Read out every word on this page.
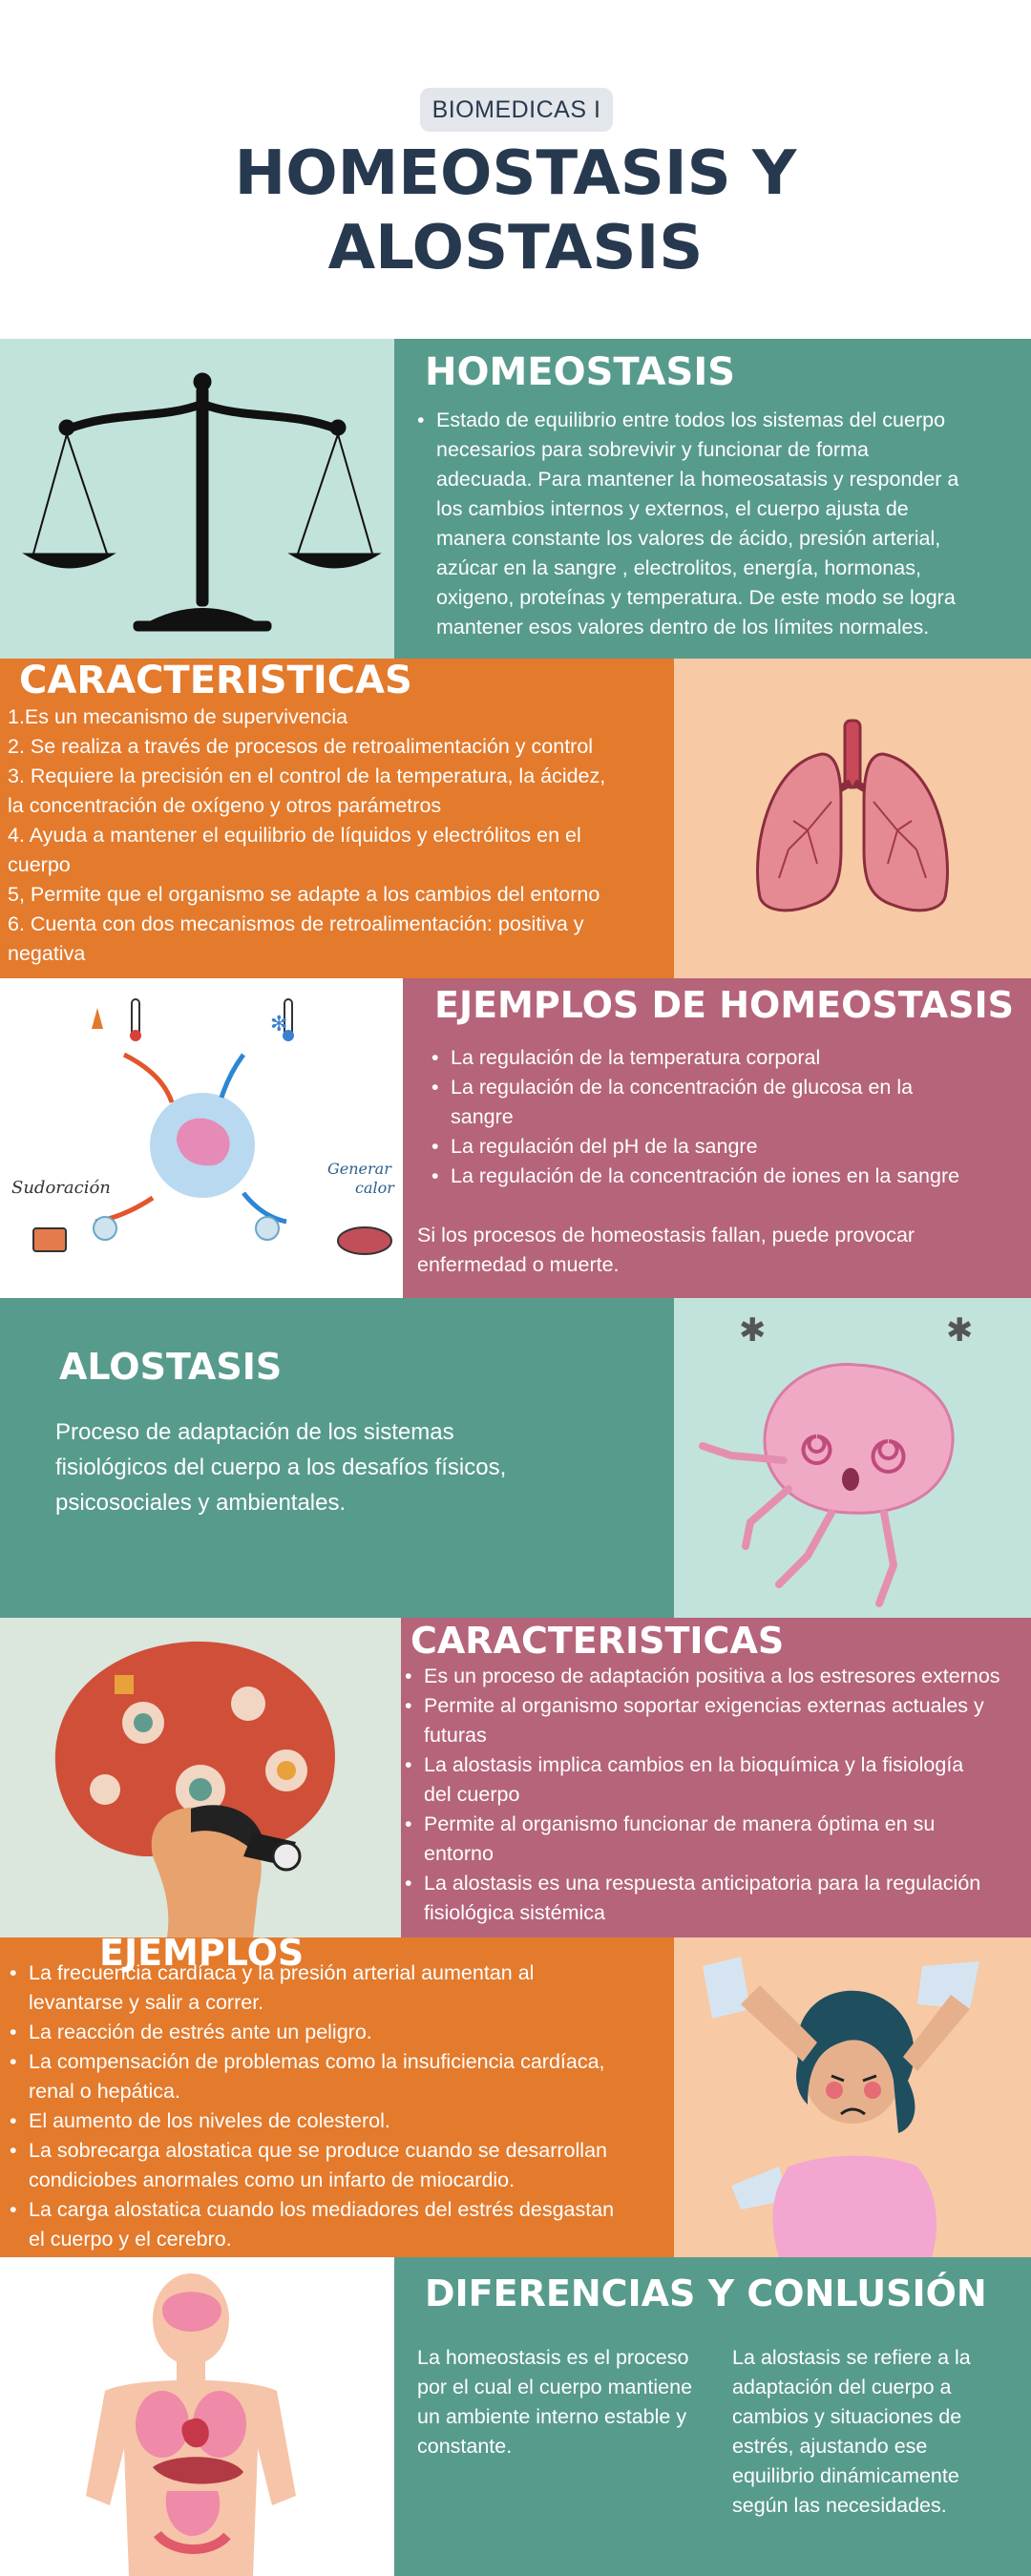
BIOMEDICAS I
HOMEOSTASIS Y
ALOSTASIS
HOMEOSTASIS
• Estado de equilibrio entre todos los sistemas del cuerpo
necesarios para sobrevivir y funcionar de forma
adecuada. Para mantener la homeosatasis y responder a
los cambios internos y externos, el cuerpo ajusta de
manera constante los valores de ácido, presión arterial,
azúcar en la sangre , electrolitos, energía, hormonas,
oxigeno, proteínas y temperatura. De este modo se logra
mantener esos valores dentro de los límites normales.
CARACTERISTICAS
1.Es un mecanismo de supervivencia
2. Se realiza a través de procesos de retroalimentación y control
3. Requiere la precisión en el control de la temperatura, la ácidez,
la concentración de oxígeno y otros parámetros
4. Ayuda a mantener el equilibrio de líquidos y electrólitos en el
cuerpo
5, Permite que el organismo se adapte a los cambios del entorno
6. Cuenta con dos mecanismos de retroalimentación: positiva y
negativa
✻
Sudoración
Generar
calor
EJEMPLOS DE HOMEOSTASIS
• La regulación de la temperatura corporal
• La regulación de la concentración de glucosa en la
sangre
• La regulación del pH de la sangre
• La regulación de la concentración de iones en la sangre
Si los procesos de homeostasis fallan, puede provocar
enfermedad o muerte.
ALOSTASIS
Proceso de adaptación de los sistemas
fisiológicos del cuerpo a los desafíos físicos,
psicosociales y ambientales.
✱	✱
CARACTERISTICAS
• Es un proceso de adaptación positiva a los estresores externos
• Permite al organismo soportar exigencias externas actuales y
futuras
• La alostasis implica cambios en la bioquímica y la fisiología
del cuerpo
• Permite al organismo funcionar de manera óptima en su
entorno
• La alostasis es una respuesta anticipatoria para la regulación
fisiológica sistémica
• La frecuencia cardíaca y la presión arterial aumentan al
levantarse y salir a correr.
• La reacción de estrés ante un peligro.
• La compensación de problemas como la insuficiencia cardíaca,
renal o hepática.
• El aumento de los niveles de colesterol.
• La sobrecarga alostatica que se produce cuando se desarrollan
condiciobes anormales como un infarto de miocardio.
• La carga alostatica cuando los mediadores del estrés desgastan
el cuerpo y el cerebro.
EJEMPLOS
DIFERENCIAS Y CONLUSIÓN
La homeostasis es el proceso
por el cual el cuerpo mantiene
un ambiente interno estable y
constante.
La alostasis se refiere a la
adaptación del cuerpo a
cambios y situaciones de
estrés, ajustando ese
equilibrio dinámicamente
según las necesidades.
